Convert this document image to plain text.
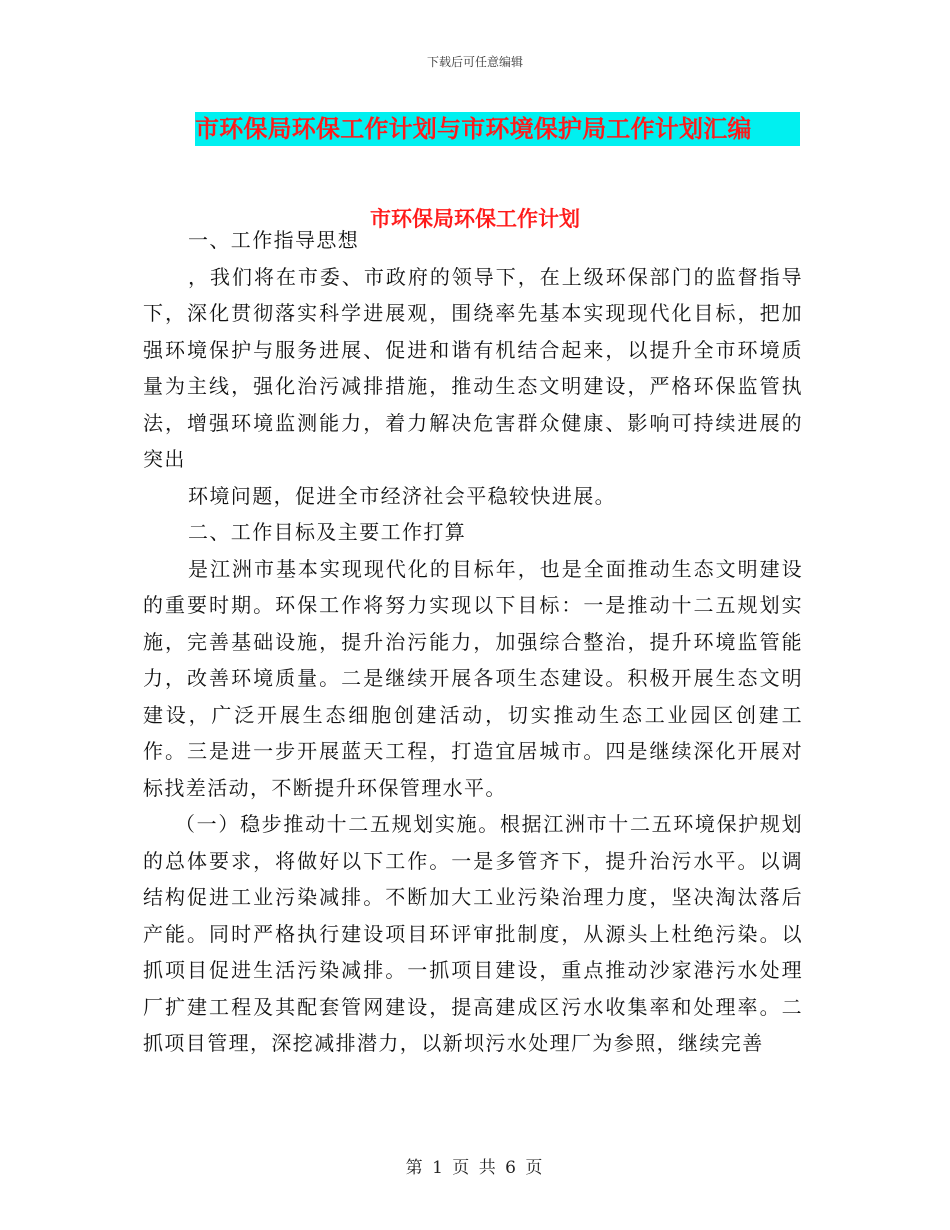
下载后可任意编辑
市环保局环保工作计划与市环境保护局工作计划汇编
市环保局环保工作计划

一、工作指导思想

，我们将在市委、市政府的领导下，在上级环保部门的监督指导下，深化贯彻落实科学进展观，围绕率先基本实现现代化目标，把加强环境保护与服务进展、促进和谐有机结合起来，以提升全市环境质量为主线，强化治污减排措施，推动生态文明建设，严格环保监管执法，增强环境监测能力，着力解决危害群众健康、影响可持续进展的突出

环境问题，促进全市经济社会平稳较快进展。

二、工作目标及主要工作打算

是江洲市基本实现现代化的目标年，也是全面推动生态文明建设的重要时期。环保工作将努力实现以下目标：一是推动十二五规划实施，完善基础设施，提升治污能力，加强综合整治，提升环境监管能力，改善环境质量。二是继续开展各项生态建设。积极开展生态文明建设，广泛开展生态细胞创建活动，切实推动生态工业园区创建工作。三是进一步开展蓝天工程，打造宜居城市。四是继续深化开展对标找差活动，不断提升环保管理水平。

（一）稳步推动十二五规划实施。根据江洲市十二五环境保护规划的总体要求，将做好以下工作。一是多管齐下，提升治污水平。以调结构促进工业污染减排。不断加大工业污染治理力度，坚决淘汰落后产能。同时严格执行建设项目环评审批制度，从源头上杜绝污染。以抓项目促进生活污染减排。一抓项目建设，重点推动沙家港污水处理厂扩建工程及其配套管网建设，提高建成区污水收集率和处理率。二抓项目管理，深挖减排潜力，以新坝污水处理厂为参照，继续完善

第 1 页 共 6 页
